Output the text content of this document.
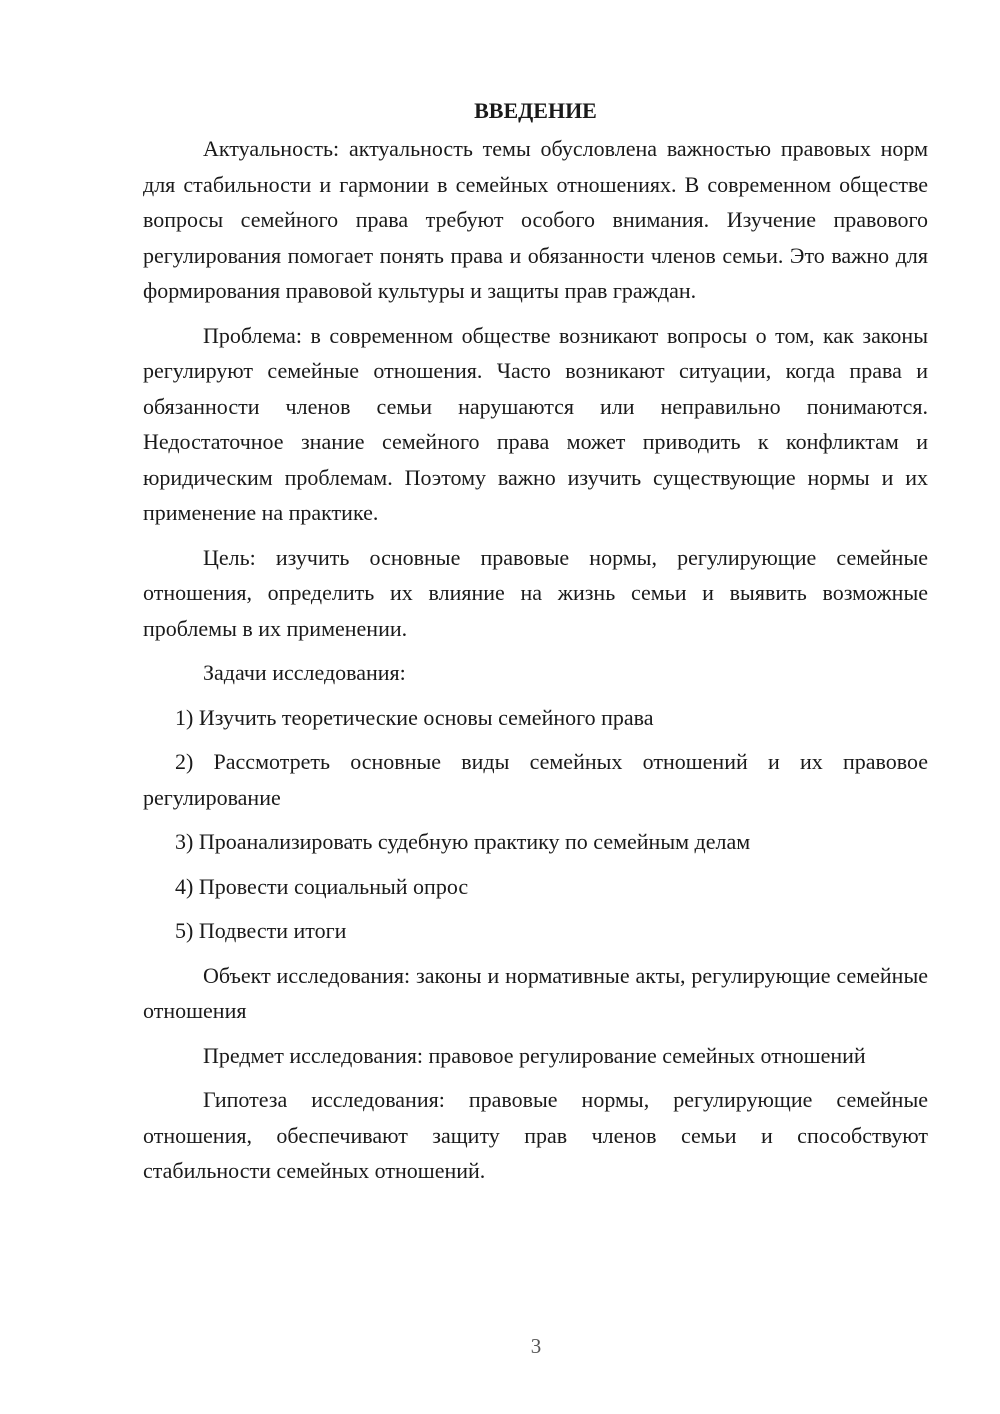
ВВЕДЕНИЕ

Актуальность: актуальность темы обусловлена важностью правовых норм для стабильности и гармонии в семейных отношениях. В современном обществе вопросы семейного права требуют особого внимания. Изучение правового регулирования помогает понять права и обязанности членов семьи. Это важно для формирования правовой культуры и защиты прав граждан.

Проблема: в современном обществе возникают вопросы о том, как законы регулируют семейные отношения. Часто возникают ситуации, когда права и обязанности членов семьи нарушаются или неправильно понимаются. Недостаточное знание семейного права может приводить к конфликтам и юридическим проблемам. Поэтому важно изучить существующие нормы и их применение на практике.

Цель: изучить основные правовые нормы, регулирующие семейные отношения, определить их влияние на жизнь семьи и выявить возможные проблемы в их применении.

Задачи исследования:

1) Изучить теоретические основы семейного права

2) Рассмотреть основные виды семейных отношений и их правовое регулирование

3) Проанализировать судебную практику по семейным делам

4) Провести социальный опрос

5) Подвести итоги

Объект исследования: законы и нормативные акты, регулирующие семейные отношения

Предмет исследования: правовое регулирование семейных отношений

Гипотеза исследования: правовые нормы, регулирующие семейные отношения, обеспечивают защиту прав членов семьи и способствуют стабильности семейных отношений.

3
